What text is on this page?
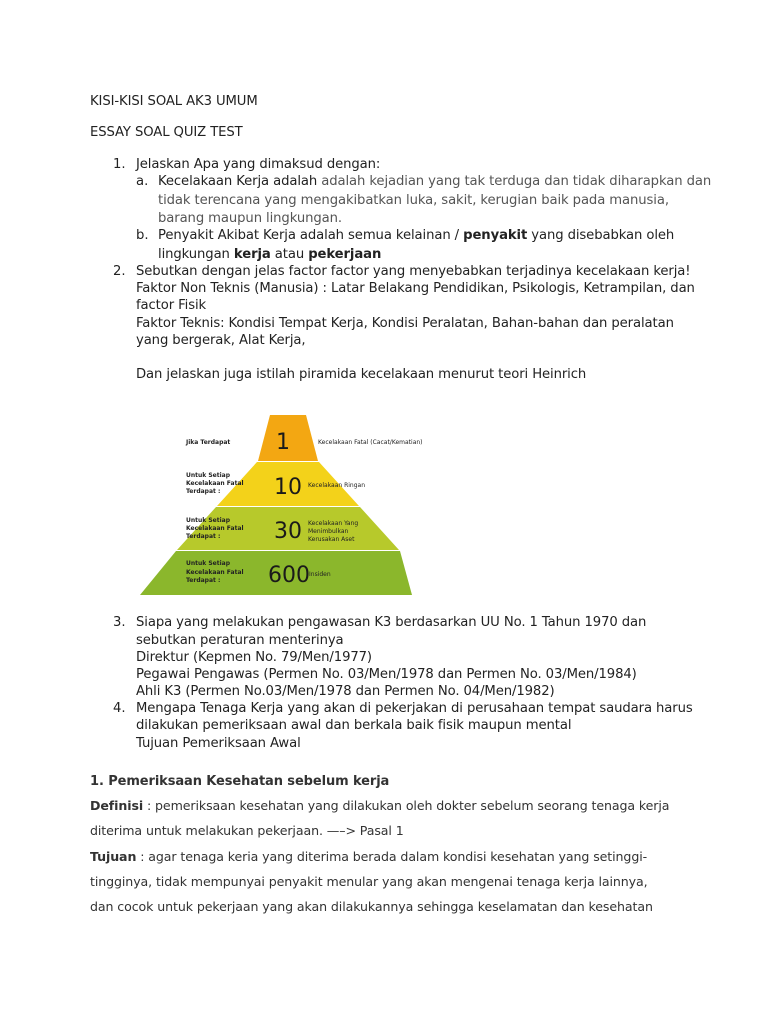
KISI-KISI SOAL AK3 UMUM
ESSAY SOAL QUIZ TEST
1. Jelaskan Apa yang dimaksud dengan:
a. Kecelakaan Kerja adalah adalah kejadian yang tak terduga dan tidak diharapkan dan
tidak terencana yang mengakibatkan luka, sakit, kerugian baik pada manusia,
barang maupun lingkungan.
b. Penyakit Akibat Kerja adalah semua kelainan / penyakit yang disebabkan oleh
lingkungan kerja atau pekerjaan
2. Sebutkan dengan jelas factor factor yang menyebabkan terjadinya kecelakaan kerja!
Faktor Non Teknis (Manusia) : Latar Belakang Pendidikan, Psikologis, Ketrampilan, dan
factor Fisik
Faktor Teknis: Kondisi Tempat Kerja, Kondisi Peralatan, Bahan-bahan dan peralatan
yang bergerak, Alat Kerja,
Dan jelaskan juga istilah piramida kecelakaan menurut teori Heinrich
1
10
30
600
Jika Terdapat
Untuk Setiap
Kecelakaan Fatal
Terdapat :
Untuk Setiap
Kecelakaan Fatal
Terdapat :
Untuk Setiap
Kecelakaan Fatal
Terdapat :
Kecelakaan Fatal (Cacat/Kematian)
Kecelakaan Ringan
Kecelakaan Yang
Menimbulkan
Kerusakan Aset
Insiden
3. Siapa yang melakukan pengawasan K3 berdasarkan UU No. 1 Tahun 1970 dan
sebutkan peraturan menterinya
Direktur (Kepmen No. 79/Men/1977)
Pegawai Pengawas (Permen No. 03/Men/1978 dan Permen No. 03/Men/1984)
Ahli K3 (Permen No.03/Men/1978 dan Permen No. 04/Men/1982)
4. Mengapa Tenaga Kerja yang akan di pekerjakan di perusahaan tempat saudara harus
dilakukan pemeriksaan awal dan berkala baik fisik maupun mental
Tujuan Pemeriksaan Awal
1. Pemeriksaan Kesehatan sebelum kerja
Definisi : pemeriksaan kesehatan yang dilakukan oleh dokter sebelum seorang tenaga kerja
diterima untuk melakukan pekerjaan. —–> Pasal 1
Tujuan : agar tenaga keria yang diterima berada dalam kondisi kesehatan yang setinggi-
tingginya, tidak mempunyai penyakit menular yang akan mengenai tenaga kerja lainnya,
dan cocok untuk pekerjaan yang akan dilakukannya sehingga keselamatan dan kesehatan
